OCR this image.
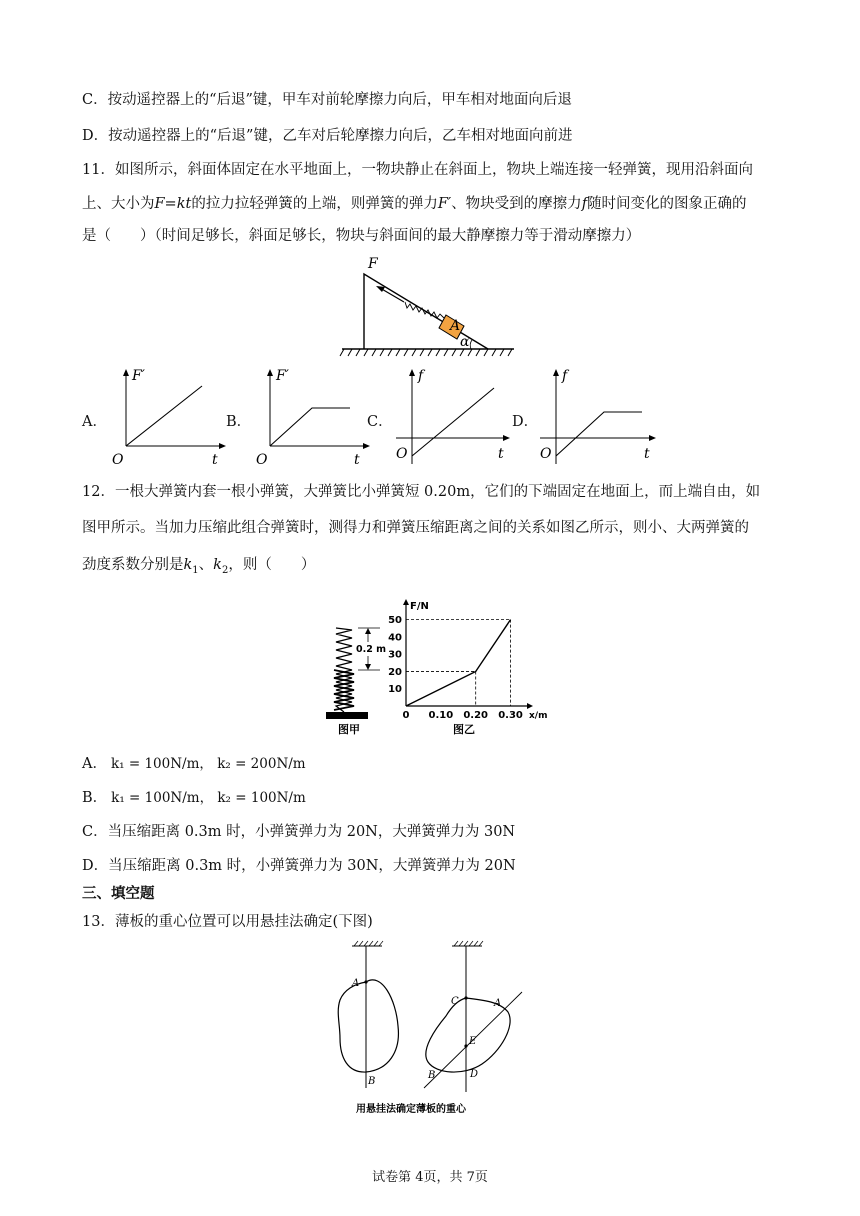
C．按动遥控器上的“后退”键，甲车对前轮摩擦力向后，甲车相对地面向后退
D．按动遥控器上的“后退”键，乙车对后轮摩擦力向后，乙车相对地面向前进
11．如图所示，斜面体固定在水平地面上，一物块静止在斜面上，物块上端连接一轻弹簧，现用沿斜面向
上、大小为F=kt的拉力拉轻弹簧的上端，则弹簧的弹力F′、物块受到的摩擦力f随时间变化的图象正确的
是（　　）（时间足够长，斜面足够长，物块与斜面间的最大静摩擦力等于滑动摩擦力）
F
A
α
A．
F′
O	t
B．
F′
O	t
C．
f
O	t
D．
f
O	t
12．一根大弹簧内套一根小弹簧，大弹簧比小弹簧短 0.20m，它们的下端固定在地面上，而上端自由，如
图甲所示。当加力压缩此组合弹簧时，测得力和弹簧压缩距离之间的关系如图乙所示，则小、大两弹簧的
劲度系数分别是$k_1$、$k_2$，则（　　）
0.2 m
图甲
10
20
30
40
50
0 0.10 0.20 0.30
F/N
x/m
图乙
A． k₁ = 100N/m， k₂ = 200N/m
B． k₁ = 100N/m， k₂ = 100N/m
C．当压缩距离 0.3m 时，小弹簧弹力为 20N，大弹簧弹力为 30N
D．当压缩距离 0.3m 时，小弹簧弹力为 30N，大弹簧弹力为 20N
三、填空题
13．薄板的重心位置可以用悬挂法确定(下图)
A
B
C	A
E
B	D
用悬挂法确定薄板的重心
试卷第 4页，共 7页
